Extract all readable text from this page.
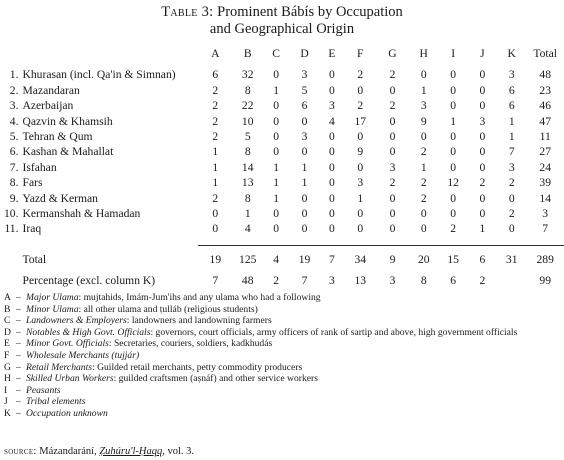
Table 3: Prominent Bábís by Occupation
and Geographical Origin
		A	B	C	D	E	F	G	H	I	J	K	Total

1.	Khurasan (incl. Qa'in & Simnan)	6	32	0	3	0	2	2	0	0	0	3	48
2.	Mazandaran	2	8	1	5	0	0	0	1	0	0	6	23
3.	Azerbaijan	2	22	0	6	3	2	2	3	0	0	6	46
4.	Qazvin & Khamsih	2	10	0	0	4	17	0	9	1	3	1	47
5.	Tehran & Qum	2	5	0	3	0	0	0	0	0	0	1	11
6.	Kashan & Mahallat	1	8	0	0	0	9	0	2	0	0	7	27
7.	Isfahan	1	14	1	1	0	0	3	1	0	0	3	24
8.	Fars	1	13	1	1	0	3	2	2	12	2	2	39
9.	Yazd & Kerman	2	8	1	0	0	1	0	2	0	0	0	14
10.	Kermanshah & Hamadan	0	1	0	0	0	0	0	0	0	0	2	3
11.	Iraq	0	4	0	0	0	0	0	0	2	1	0	7

	Total	19	125	4	19	7	34	9	20	15	6	31	289

	Percentage (excl. column K)	7	48	2	7	3	13	3	8	6	2		99
A – Major Ulama: mujtahids, Imám-Jum'ihs and any ulama who had a following
B – Minor Ulama: all other ulama and ṭulláb (religious students)
C – Landowners & Employers: landowners and landowning farmers
D – Notables & High Govt. Officials: governors, court officials, army officers of rank of sartip and above, high government officials
E – Minor Govt. Officials: Secretaries, couriers, soldiers, kadkhudás
F – Wholesale Merchants (tujjár)
G – Retail Merchants: Guilded retail merchants, petty commodity producers
H – Skilled Urban Workers: guilded craftsmen (aṣnáf) and other service workers
I – Peasants
J – Tribal elements
K – Occupation unknown
source: Mázandarání, Ẓuhúru'l-Ḥaqq, vol. 3.
